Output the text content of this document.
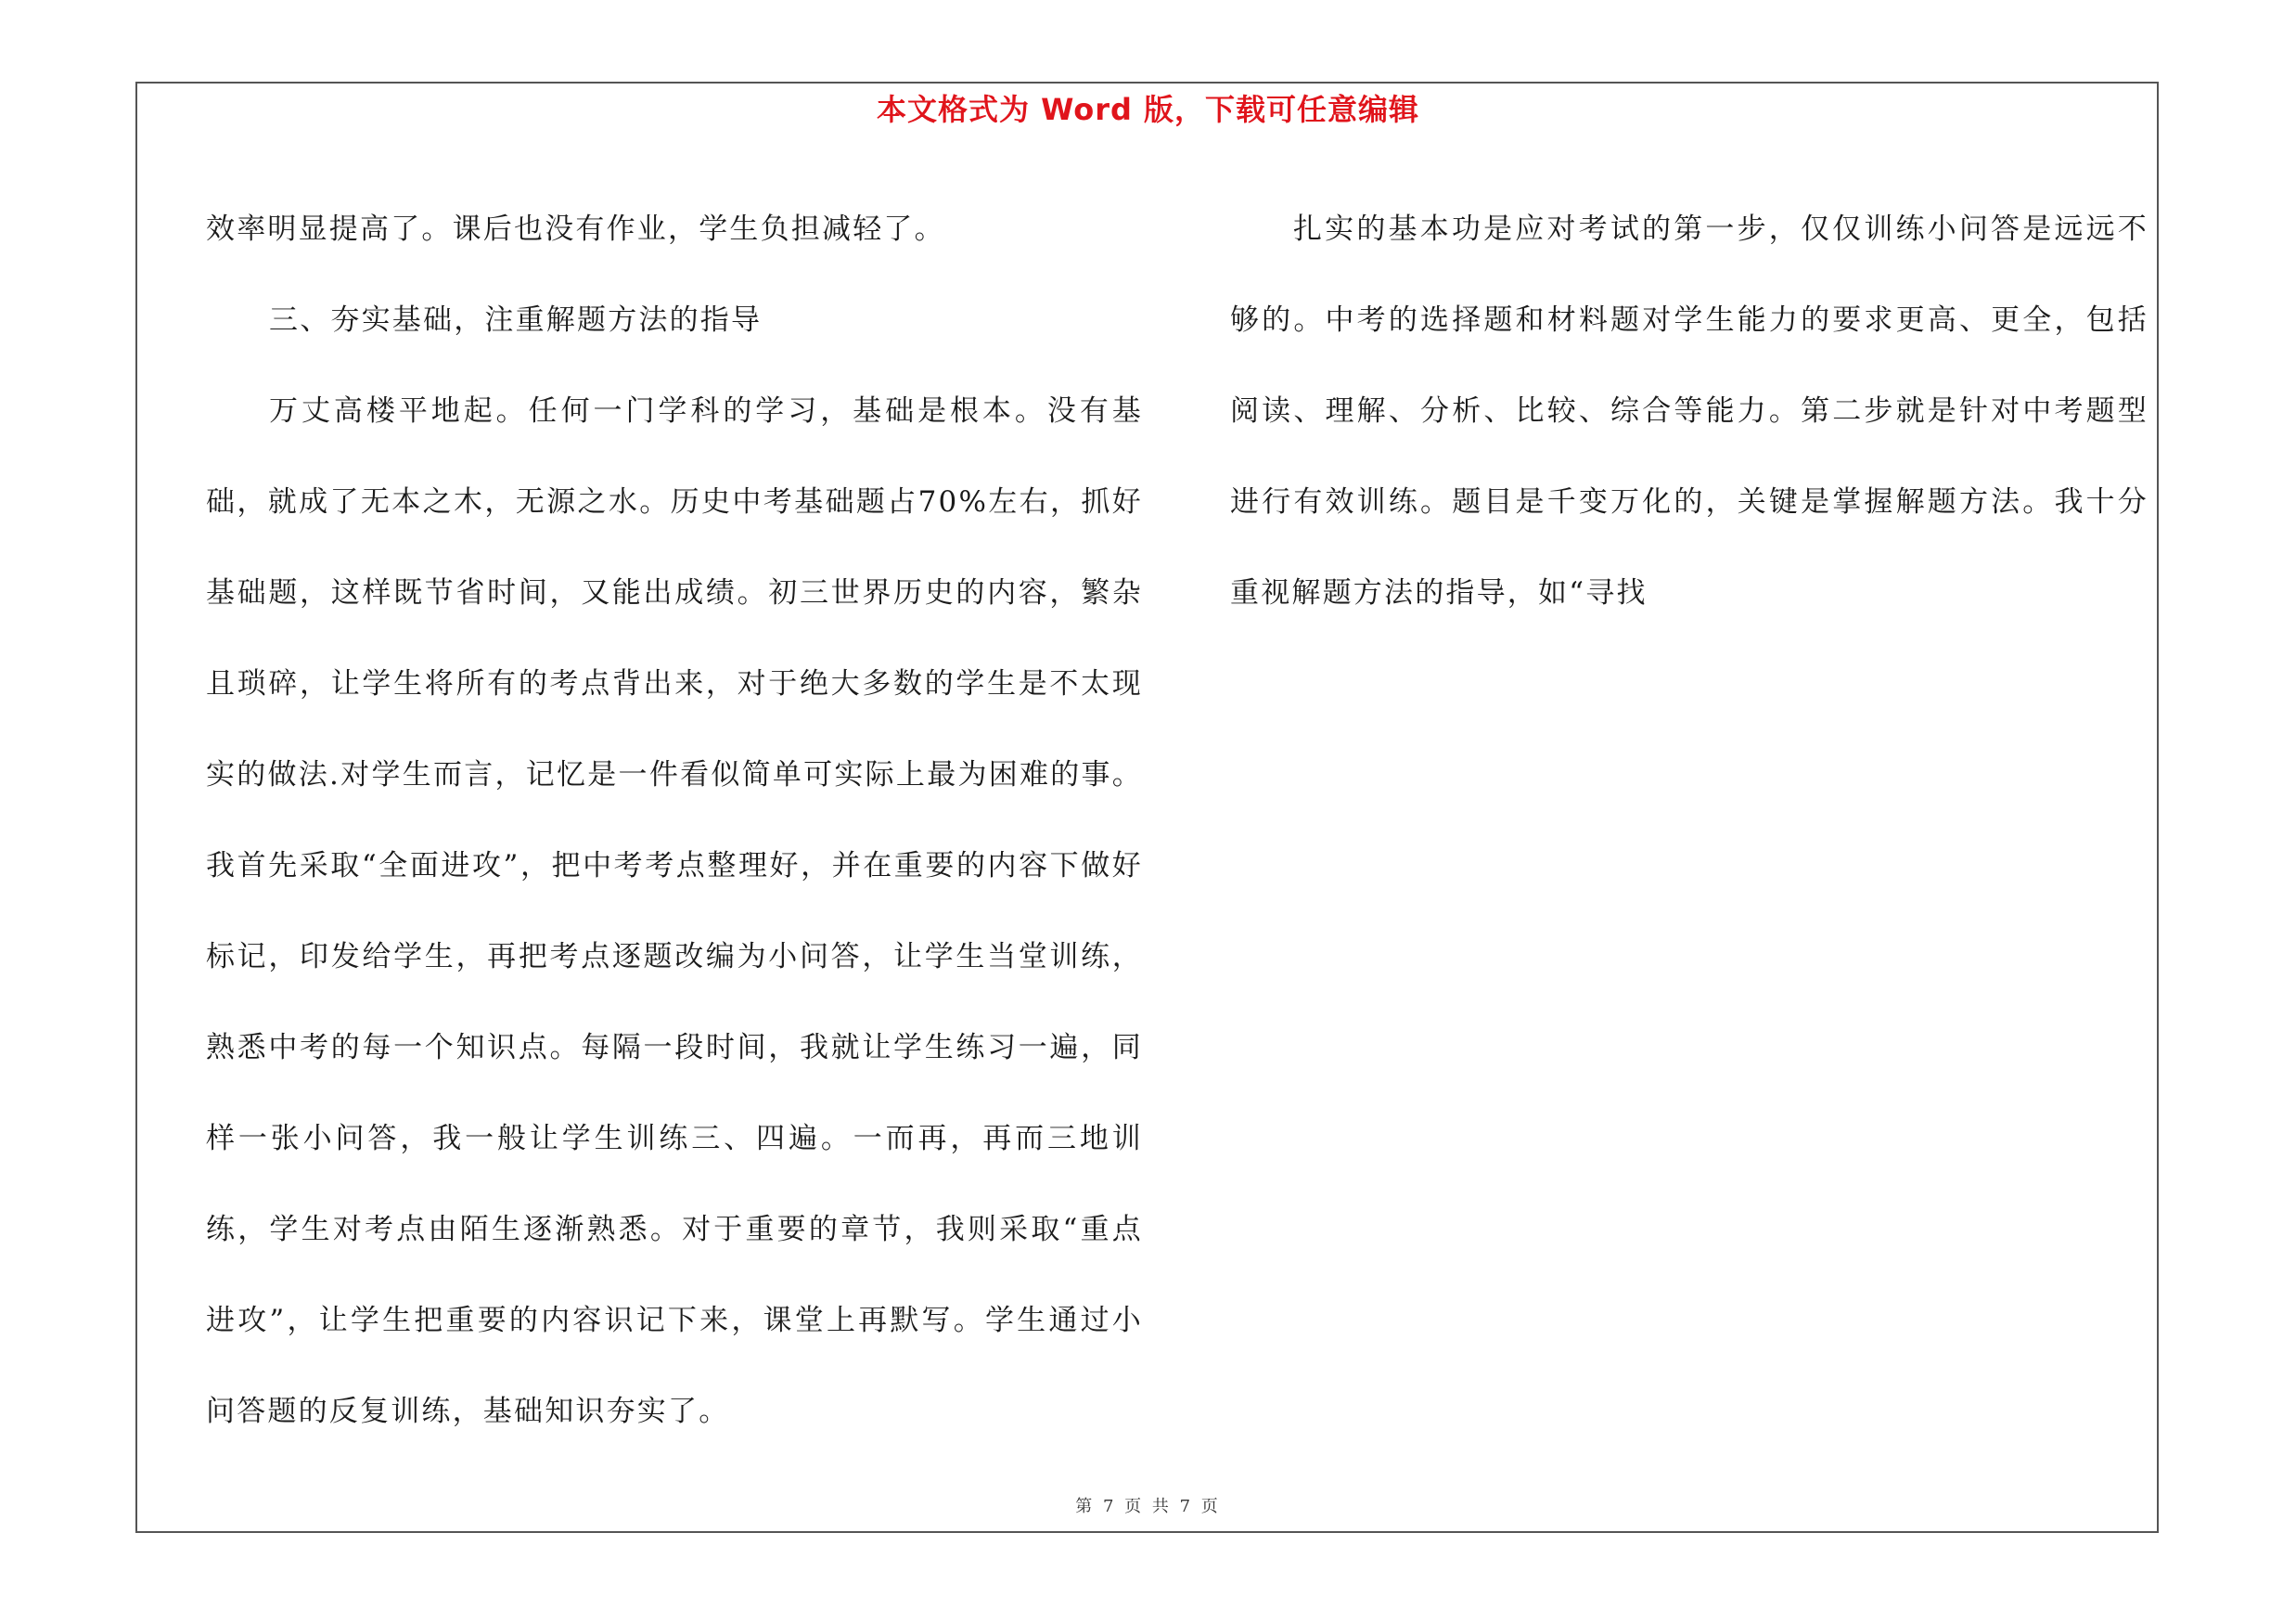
本文格式为 Word 版，下载可任意编辑

效率明显提高了。课后也没有作业，学生负担减轻了。

三、夯实基础，注重解题方法的指导

万丈高楼平地起。任何一门学科的学习，基础是根本。没有基础，就成了无本之木，无源之水。历史中考基础题占70%左右，抓好基础题，这样既节省时间，又能出成绩。初三世界历史的内容，繁杂且琐碎，让学生将所有的考点背出来，对于绝大多数的学生是不太现实的做法.对学生而言，记忆是一件看似简单可实际上最为困难的事。我首先采取“全面进攻”，把中考考点整理好，并在重要的内容下做好标记，印发给学生，再把考点逐题改编为小问答，让学生当堂训练，熟悉中考的每一个知识点。每隔一段时间，我就让学生练习一遍，同样一张小问答，我一般让学生训练三、四遍。一而再，再而三地训练，学生对考点由陌生逐渐熟悉。对于重要的章节，我则采取“重点进攻”，让学生把重要的内容识记下来，课堂上再默写。学生通过小问答题的反复训练，基础知识夯实了。

扎实的基本功是应对考试的第一步，仅仅训练小问答是远远不够的。中考的选择题和材料题对学生能力的要求更高、更全，包括阅读、理解、分析、比较、综合等能力。第二步就是针对中考题型进行有效训练。题目是千变万化的，关键是掌握解题方法。我十分重视解题方法的指导，如“寻找

第 7 页 共 7 页
